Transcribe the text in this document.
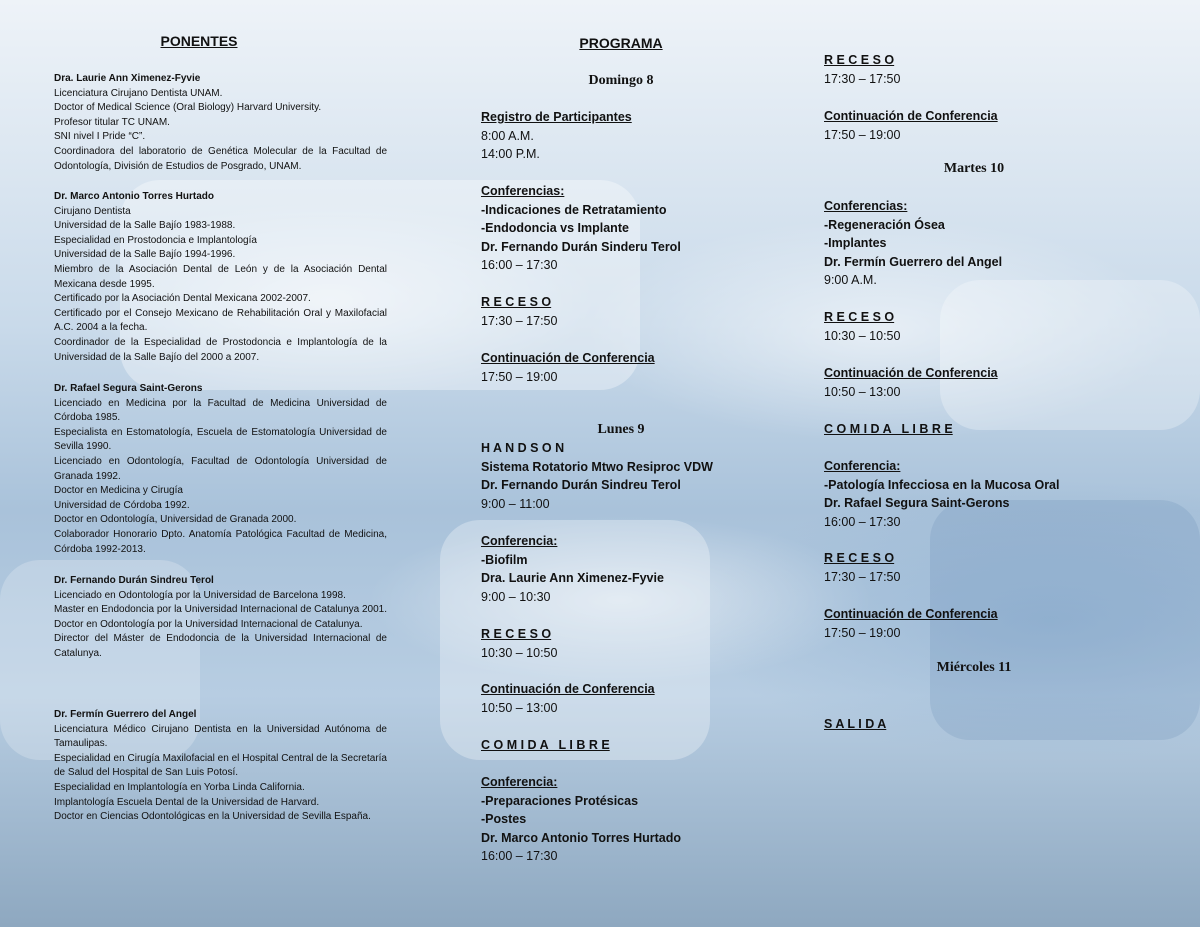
PONENTES
Dra. Laurie Ann Ximenez-Fyvie
Licenciatura Cirujano Dentista UNAM.
Doctor of Medical Science (Oral Biology) Harvard University.
Profesor titular TC UNAM.
SNI nivel I Pride “C”.
Coordinadora del laboratorio de Genética Molecular de la Facultad de Odontología, División de Estudios de Posgrado, UNAM.
Dr. Marco Antonio Torres Hurtado
Cirujano Dentista
Universidad de la Salle Bajío 1983-1988.
Especialidad en Prostodoncia e Implantología
Universidad de la Salle Bajío 1994-1996.
Miembro de la Asociación Dental de León y de la Asociación Dental Mexicana desde 1995.
Certificado por la Asociación Dental Mexicana 2002-2007.
Certificado por el Consejo Mexicano de Rehabilitación Oral y Maxilofacial A.C. 2004 a la fecha.
Coordinador de la Especialidad de Prostodoncia e Implantología de la Universidad de la Salle Bajío del 2000 a 2007.
Dr. Rafael Segura Saint-Gerons
Licenciado en Medicina por la Facultad de Medicina Universidad de Córdoba 1985.
Especialista en Estomatología, Escuela de Estomatología Universidad de Sevilla 1990.
Licenciado en Odontología, Facultad de Odontología Universidad de Granada 1992.
Doctor en Medicina y Cirugía
Universidad de Córdoba 1992.
Doctor en Odontología, Universidad de Granada 2000.
Colaborador Honorario Dpto. Anatomía Patológica Facultad de Medicina, Córdoba 1992-2013.
Dr. Fernando Durán Sindreu Terol
Licenciado en Odontología por la Universidad de Barcelona 1998.
Master en Endodoncia por la Universidad Internacional de Catalunya 2001.
Doctor en Odontología por la Universidad Internacional de Catalunya.
Director del Máster de Endodoncia de la Universidad Internacional de Catalunya.
Dr. Fermín Guerrero del Angel
Licenciatura Médico Cirujano Dentista en la Universidad Autónoma de Tamaulipas.
Especialidad en Cirugía Maxilofacial en el Hospital Central de la Secretaría de Salud del Hospital de San Luis Potosí.
Especialidad en Implantología en Yorba Linda California.
Implantología Escuela Dental de la Universidad de Harvard.
Doctor en Ciencias Odontológicas en la Universidad de Sevilla España.
PROGRAMA
Domingo 8
Registro de Participantes
8:00 A.M.
14:00 P.M.
Conferencias:
-Indicaciones de Retratamiento
-Endodoncia vs Implante
Dr. Fernando Durán Sinderu Terol
16:00 – 17:30
R E C E S O
17:30 – 17:50
Continuación de Conferencia
17:50 – 19:00
Lunes 9
H A N D S O N
Sistema Rotatorio Mtwo Resiproc VDW
Dr. Fernando Durán Sindreu Terol
9:00 – 11:00
Conferencia:
-Biofilm
Dra. Laurie Ann Ximenez-Fyvie
9:00 – 10:30
R E C E S O
10:30 – 10:50
Continuación de Conferencia
10:50 – 13:00
C O M I D A   L I B R E
Conferencia:
-Preparaciones Protésicas
-Postes
Dr. Marco Antonio Torres Hurtado
16:00 – 17:30
R E C E S O
17:30 – 17:50
Continuación de Conferencia
17:50 – 19:00
Martes 10
Conferencias:
-Regeneración Ósea
-Implantes
Dr. Fermín Guerrero del Angel
9:00 A.M.
R E C E S O
10:30 – 10:50
Continuación de Conferencia
10:50 – 13:00
C O M I D A   L I B R E
Conferencia:
-Patología Infecciosa en la Mucosa Oral
Dr. Rafael Segura Saint-Gerons
16:00 – 17:30
R E C E S O
17:30 – 17:50
Continuación de Conferencia
17:50 – 19:00
Miércoles 11
S A L I D A
